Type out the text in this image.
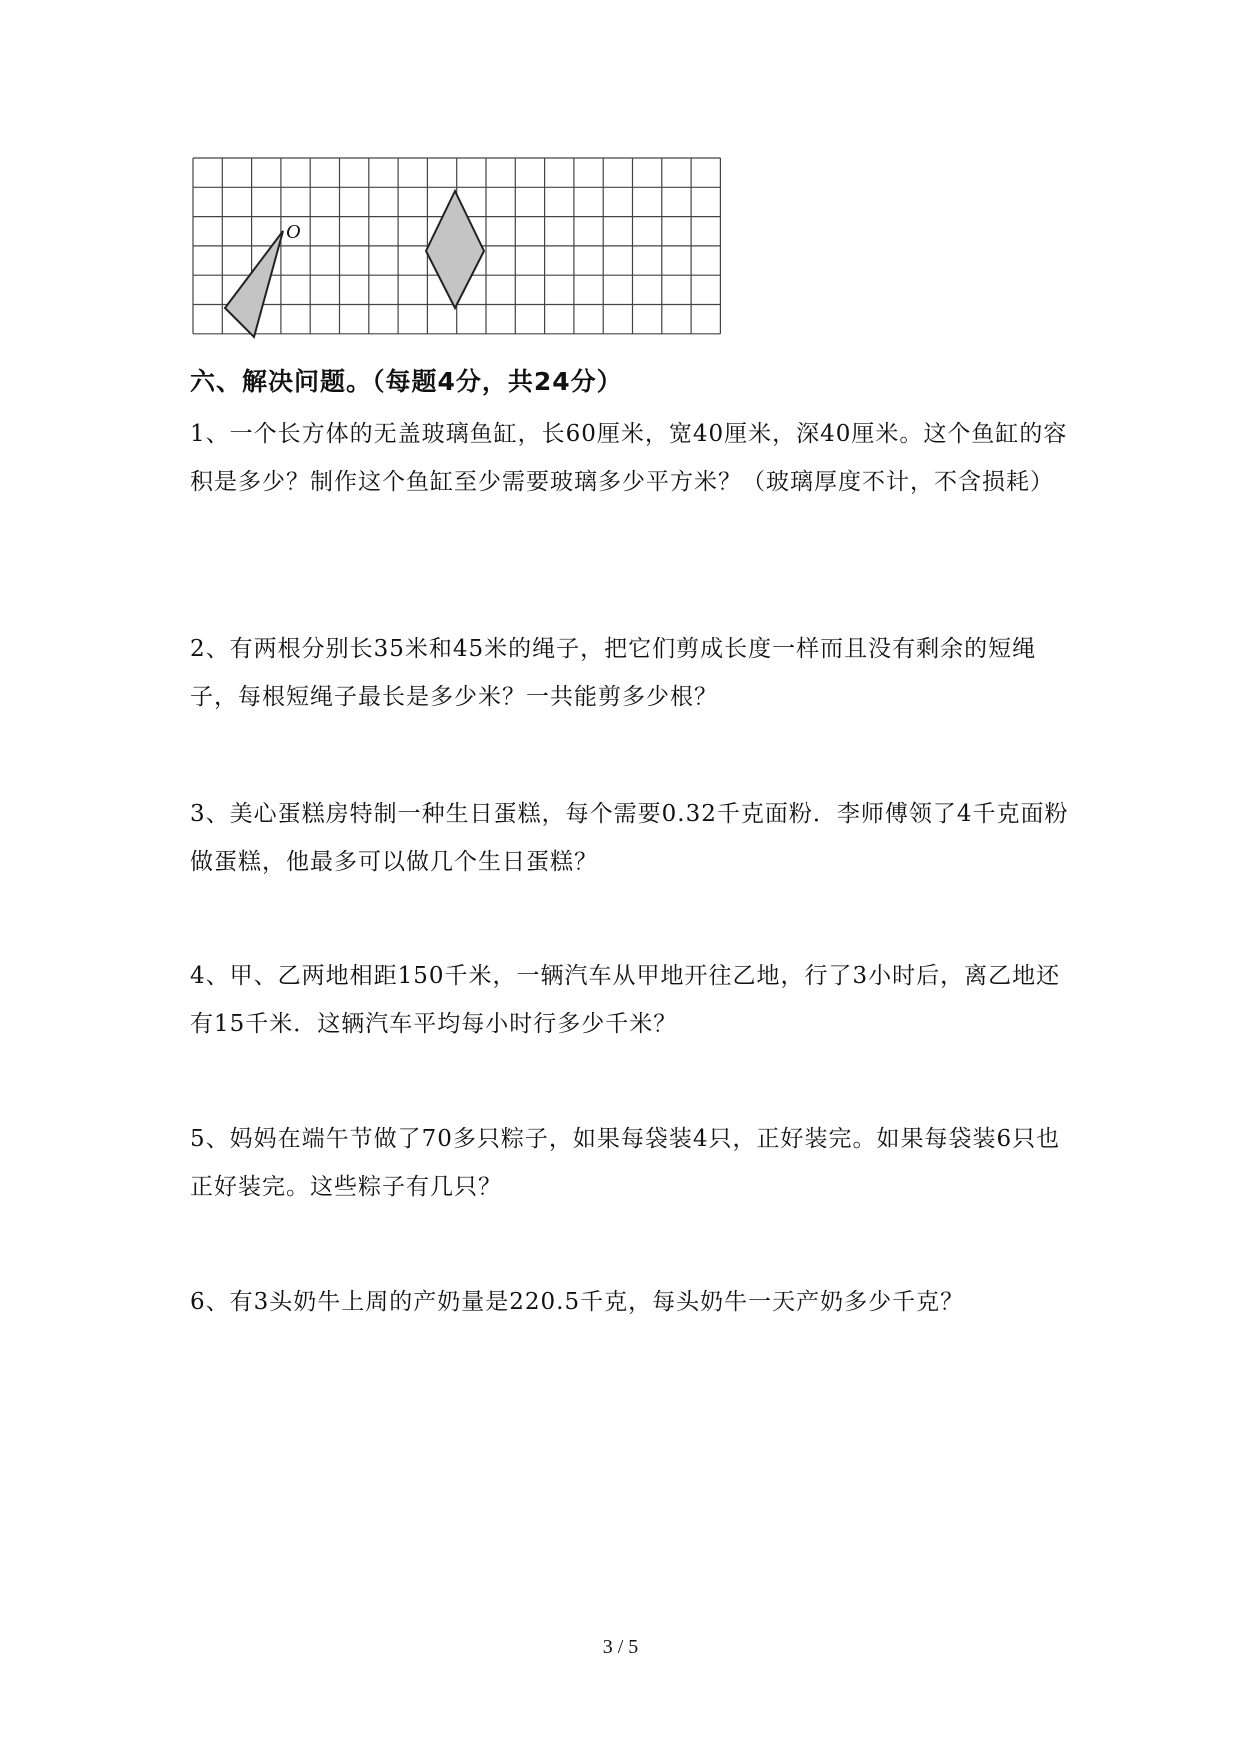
O
六、解决问题。（每题4分，共24分）
1、一个长方体的无盖玻璃鱼缸，长60厘米，宽40厘米，深40厘米。这个鱼缸的容积是多少？制作这个鱼缸至少需要玻璃多少平方米？（玻璃厚度不计，不含损耗）
2、有两根分别长35米和45米的绳子，把它们剪成长度一样而且没有剩余的短绳子，每根短绳子最长是多少米？一共能剪多少根？
3、美心蛋糕房特制一种生日蛋糕，每个需要0.32千克面粉．李师傅领了4千克面粉做蛋糕，他最多可以做几个生日蛋糕？
4、甲、乙两地相距150千米，一辆汽车从甲地开往乙地，行了3小时后，离乙地还有15千米．这辆汽车平均每小时行多少千米？
5、妈妈在端午节做了70多只粽子，如果每袋装4只，正好装完。如果每袋装6只也正好装完。这些粽子有几只？
6、有3头奶牛上周的产奶量是220.5千克，每头奶牛一天产奶多少千克？
3 / 5
